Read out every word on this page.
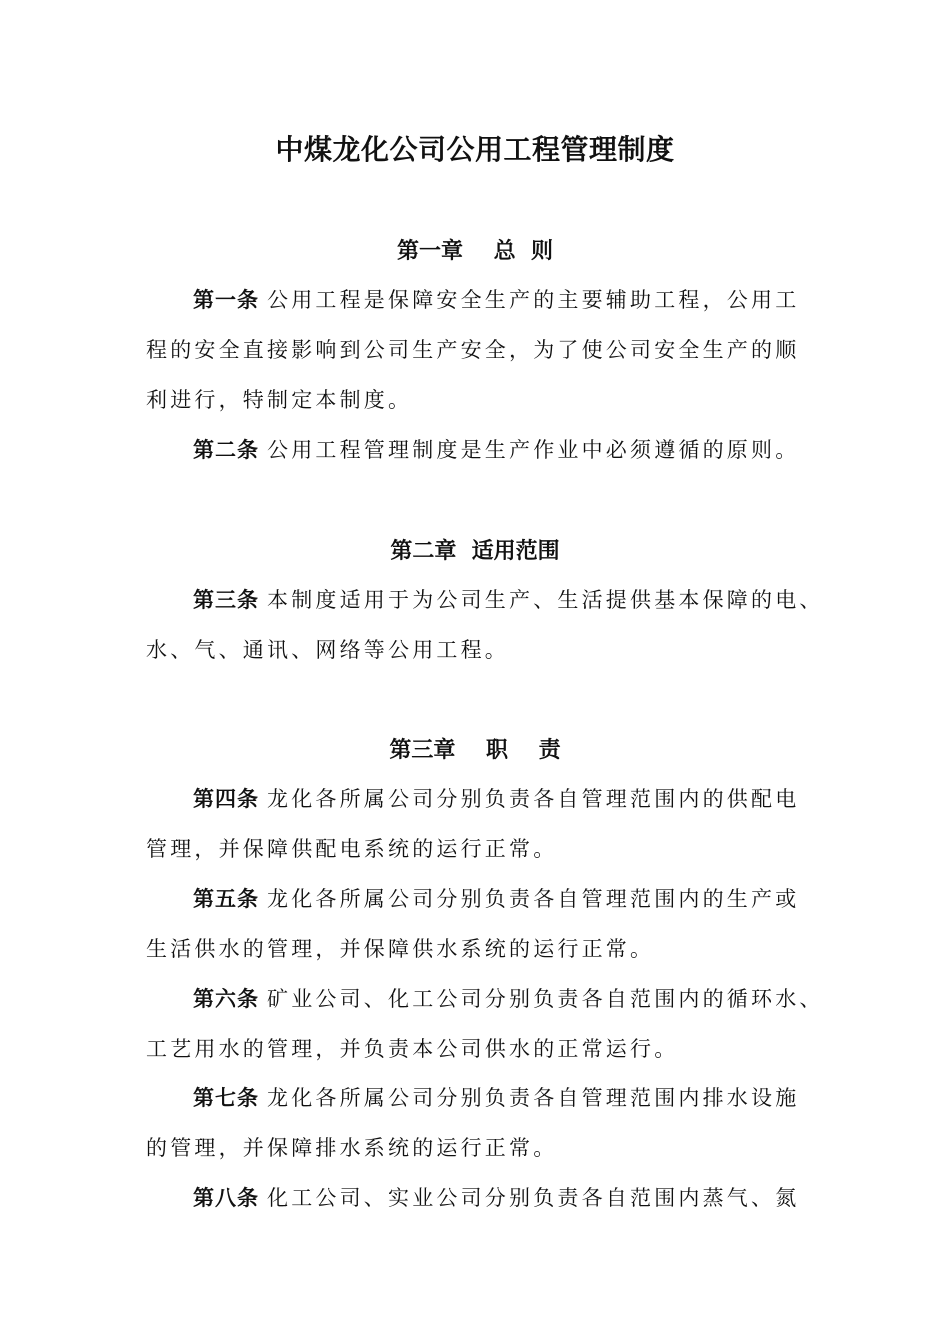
中煤龙化公司公用工程管理制度
第一章    总  则

第一条 公用工程是保障安全生产的主要辅助工程，公用工

程的安全直接影响到公司生产安全，为了使公司安全生产的顺

利进行，特制定本制度。

第二条 公用工程管理制度是生产作业中必须遵循的原则。

第二章  适用范围

第三条 本制度适用于为公司生产、生活提供基本保障的电、

水、气、通讯、网络等公用工程。

第三章    职    责

第四条 龙化各所属公司分别负责各自管理范围内的供配电

管理，并保障供配电系统的运行正常。

第五条 龙化各所属公司分别负责各自管理范围内的生产或

生活供水的管理，并保障供水系统的运行正常。

第六条 矿业公司、化工公司分别负责各自范围内的循环水、

工艺用水的管理，并负责本公司供水的正常运行。

第七条 龙化各所属公司分别负责各自管理范围内排水设施

的管理，并保障排水系统的运行正常。

第八条 化工公司、实业公司分别负责各自范围内蒸气、氮
